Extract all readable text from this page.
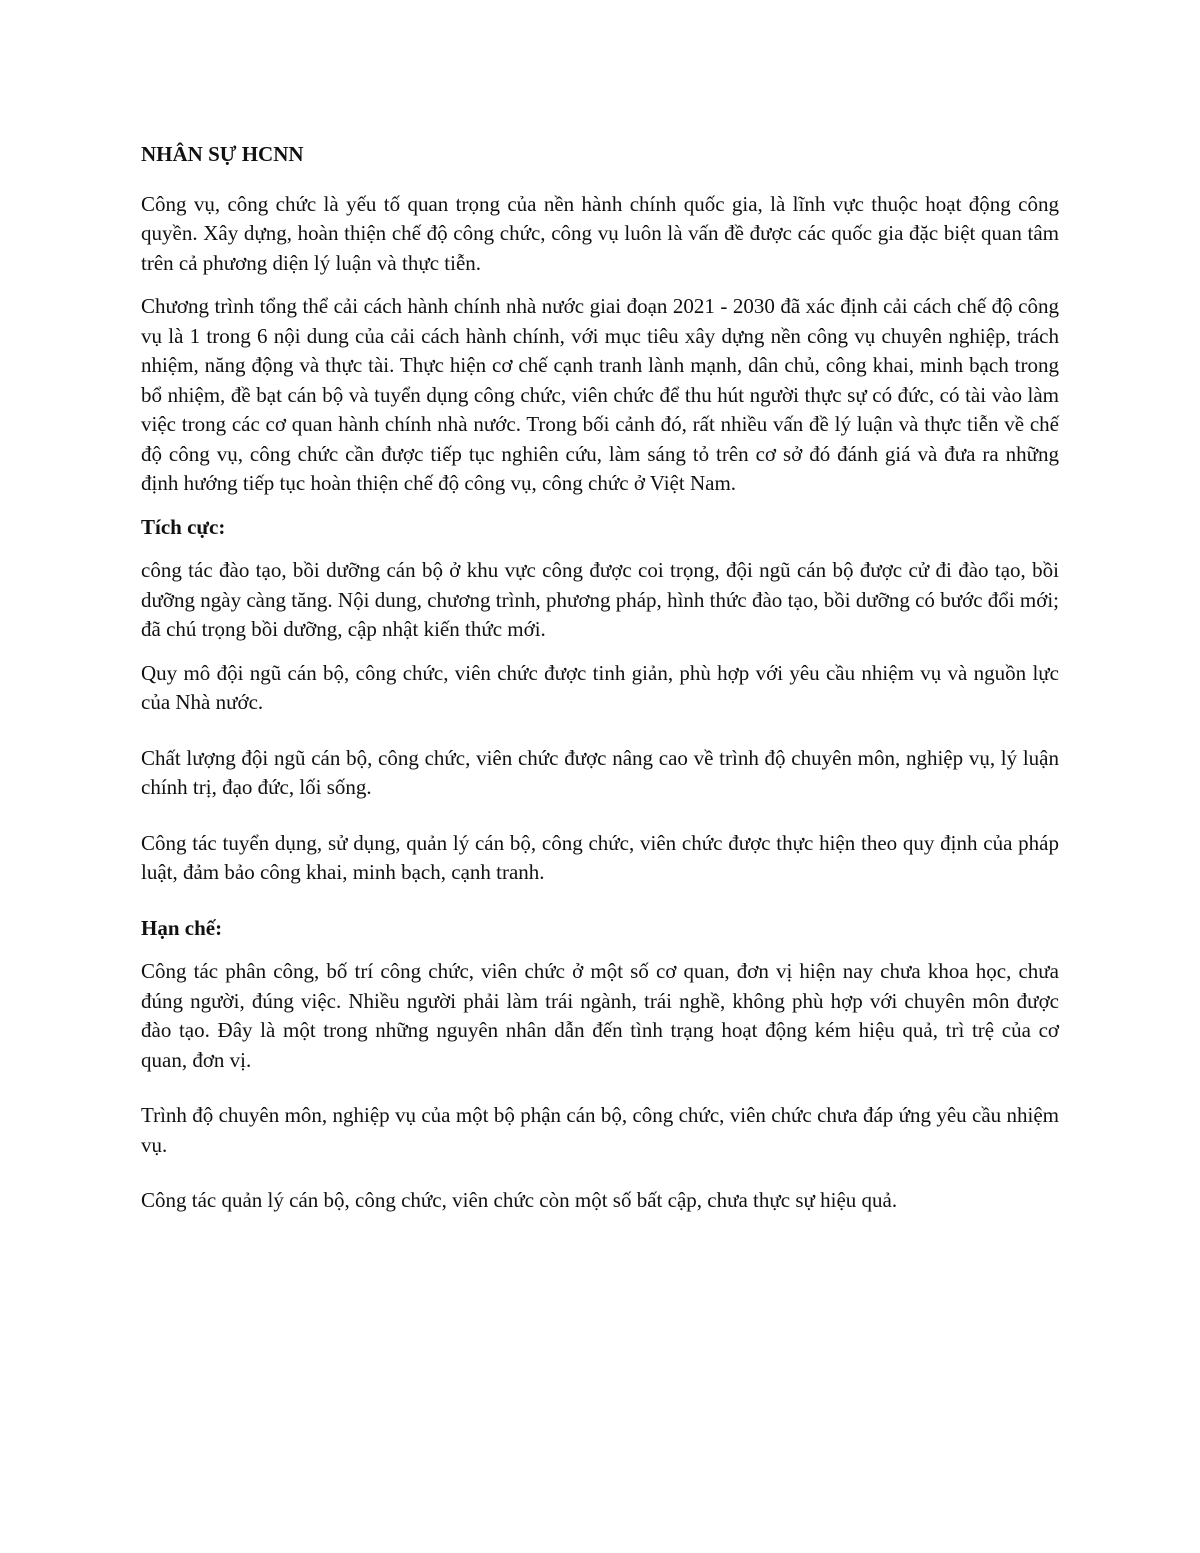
NHÂN SỰ HCNN

Công vụ, công chức là yếu tố quan trọng của nền hành chính quốc gia, là lĩnh vực thuộc hoạt động công quyền. Xây dựng, hoàn thiện chế độ công chức, công vụ luôn là vấn đề được các quốc gia đặc biệt quan tâm trên cả phương diện lý luận và thực tiễn.

Chương trình tổng thể cải cách hành chính nhà nước giai đoạn 2021 - 2030 đã xác định cải cách chế độ công vụ là 1 trong 6 nội dung của cải cách hành chính, với mục tiêu xây dựng nền công vụ chuyên nghiệp, trách nhiệm, năng động và thực tài. Thực hiện cơ chế cạnh tranh lành mạnh, dân chủ, công khai, minh bạch trong bổ nhiệm, đề bạt cán bộ và tuyển dụng công chức, viên chức để thu hút người thực sự có đức, có tài vào làm việc trong các cơ quan hành chính nhà nước. Trong bối cảnh đó, rất nhiều vấn đề lý luận và thực tiễn về chế độ công vụ, công chức cần được tiếp tục nghiên cứu, làm sáng tỏ trên cơ sở đó đánh giá và đưa ra những định hướng tiếp tục hoàn thiện chế độ công vụ, công chức ở Việt Nam.

Tích cực:

công tác đào tạo, bồi dưỡng cán bộ ở khu vực công được coi trọng, đội ngũ cán bộ được cử đi đào tạo, bồi dưỡng ngày càng tăng. Nội dung, chương trình, phương pháp, hình thức đào tạo, bồi dưỡng có bước đổi mới; đã chú trọng bồi dưỡng, cập nhật kiến thức mới.

Quy mô đội ngũ cán bộ, công chức, viên chức được tinh giản, phù hợp với yêu cầu nhiệm vụ và nguồn lực của Nhà nước.

Chất lượng đội ngũ cán bộ, công chức, viên chức được nâng cao về trình độ chuyên môn, nghiệp vụ, lý luận chính trị, đạo đức, lối sống.

Công tác tuyển dụng, sử dụng, quản lý cán bộ, công chức, viên chức được thực hiện theo quy định của pháp luật, đảm bảo công khai, minh bạch, cạnh tranh.

Hạn chế:

Công tác phân công, bố trí công chức, viên chức ở một số cơ quan, đơn vị hiện nay chưa khoa học, chưa đúng người, đúng việc. Nhiều người phải làm trái ngành, trái nghề, không phù hợp với chuyên môn được đào tạo. Đây là một trong những nguyên nhân dẫn đến tình trạng hoạt động kém hiệu quả, trì trệ của cơ quan, đơn vị.

Trình độ chuyên môn, nghiệp vụ của một bộ phận cán bộ, công chức, viên chức chưa đáp ứng yêu cầu nhiệm vụ.

Công tác quản lý cán bộ, công chức, viên chức còn một số bất cập, chưa thực sự hiệu quả.
